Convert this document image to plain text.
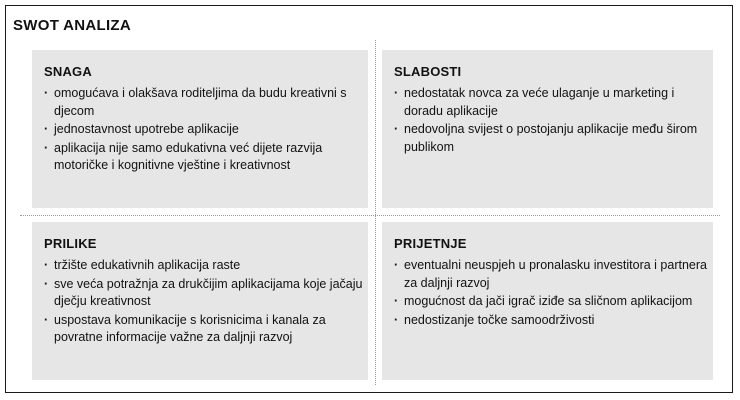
SWOT ANALIZA
SNAGA
· omogućava i olakšava roditeljima da budu kreativni s djecom
· jednostavnost upotrebe aplikacije
· aplikacija nije samo edukativna već dijete razvija motoričke i kognitivne vještine i kreativnost
SLABOSTI
· nedostatak novca za veće ulaganje u marketing i doradu aplikacije
· nedovoljna svijest o postojanju aplikacije među širom publikom
PRILIKE
· tržište edukativnih aplikacija raste
· sve veća potražnja za drukčijim aplikacijama koje jačaju dječju kreativnost
· uspostava komunikacije s korisnicima i kanala za povratne informacije važne za daljnji razvoj
PRIJETNJE
· eventualni neuspjeh u pronalasku investitora i partnera za daljnji razvoj
· mogućnost da jači igrač iziđe sa sličnom aplikacijom
· nedostizanje točke samoodrživosti
